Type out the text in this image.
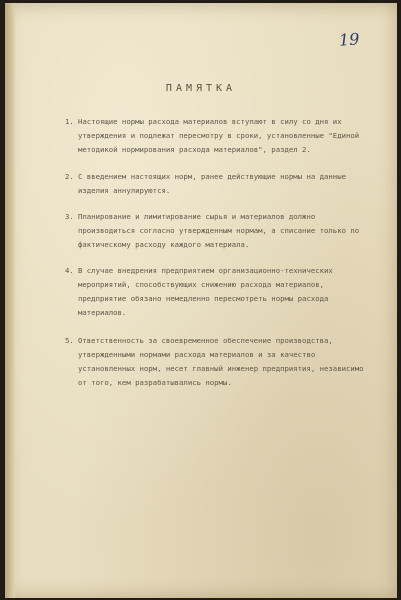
19
ПАМЯТКА
1. Настоящие нормы расхода материалов вступают в силу со дня их утверждения и подлежат пересмотру в сроки, установленные "Единой методикой нормирования расхода материалов", раздел 2.
2. С введением настоящих норм, ранее действующие нормы на данные изделия аннулируются.
3. Планирование и лимитирование сырья и материалов должно производиться согласно утвержденным нормам, а списание только по фактическому расходу каждого материала.
4. В случае внедрения предприятием организационно-технических мероприятий, способствующих снижению расхода материалов, предприятие обязано немедленно пересмотреть нормы расхода материалов.
5. Ответственность за своевременное обеспечение производства, утвержденными нормами расхода материалов и за качество установленных норм, несет главный инженер предприятия, независимо от того, кем разрабатывались нормы.
